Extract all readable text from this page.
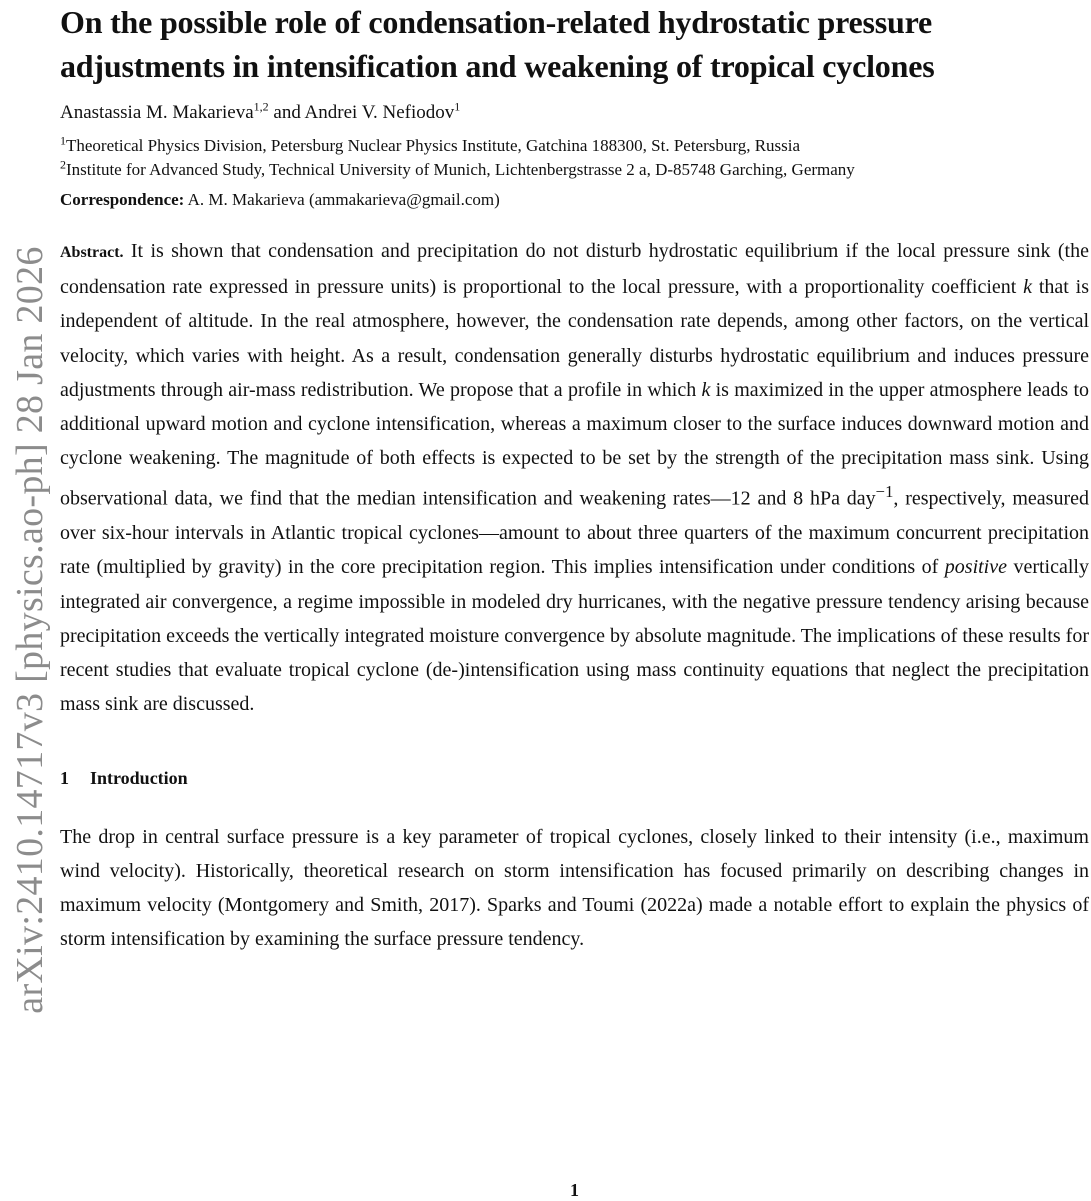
arXiv:2410.14717v3 [physics.ao-ph] 28 Jan 2026
On the possible role of condensation-related hydrostatic pressure adjustments in intensification and weakening of tropical cyclones
Anastassia M. Makarieva$^{1,2}$ and Andrei V. Nefiodov$^1$
$^1$Theoretical Physics Division, Petersburg Nuclear Physics Institute, Gatchina 188300, St. Petersburg, Russia
$^2$Institute for Advanced Study, Technical University of Munich, Lichtenbergstrasse 2 a, D-85748 Garching, Germany
Correspondence: A. M. Makarieva (ammakarieva@gmail.com)
Abstract. It is shown that condensation and precipitation do not disturb hydrostatic equilibrium if the local pressure sink (the condensation rate expressed in pressure units) is proportional to the local pressure, with a proportionality coefficient k that is independent of altitude. In the real atmosphere, however, the condensation rate depends, among other factors, on the vertical velocity, which varies with height. As a result, condensation generally disturbs hydrostatic equilibrium and induces pressure adjustments through air-mass redistribution. We propose that a profile in which k is maximized in the upper atmosphere leads to additional upward motion and cyclone intensification, whereas a maximum closer to the surface induces downward motion and cyclone weakening. The magnitude of both effects is expected to be set by the strength of the precipitation mass sink. Using observational data, we find that the median intensification and weakening rates—12 and 8 hPa day$^{-1}$, respectively, measured over six-hour intervals in Atlantic tropical cyclones—amount to about three quarters of the maximum concurrent precipitation rate (multiplied by gravity) in the core precipitation region. This implies intensification under conditions of positive vertically integrated air convergence, a regime impossible in modeled dry hurricanes, with the negative pressure tendency arising because precipitation exceeds the vertically integrated moisture convergence by absolute magnitude. The implications of these results for recent studies that evaluate tropical cyclone (de-)intensification using mass continuity equations that neglect the precipitation mass sink are discussed.
1 Introduction
The drop in central surface pressure is a key parameter of tropical cyclones, closely linked to their intensity (i.e., maximum wind velocity). Historically, theoretical research on storm intensification has focused primarily on describing changes in maximum velocity (Montgomery and Smith, 2017). Sparks and Toumi (2022a) made a notable effort to explain the physics of storm intensification by examining the surface pressure tendency.
1
